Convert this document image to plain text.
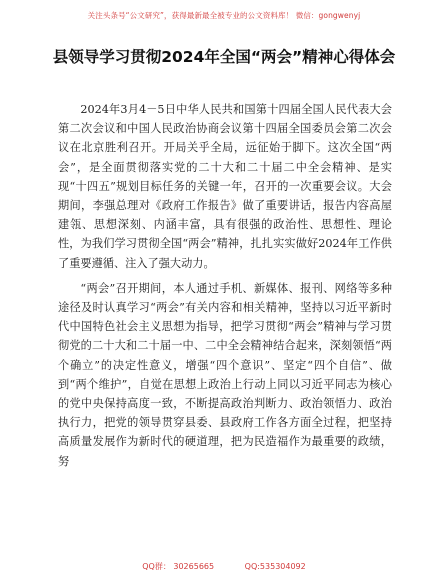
关注头条号“公文研究”，获得最新最全被专业的公文资料库！ 微信：gongwenyj
县领导学习贯彻2024年全国“两会”精神心得体会

2024年3月4－5日中华人民共和国第十四届全国人民代表大会第二次会议和中国人民政治协商会议第十四届全国委员会第二次会议在北京胜利召开。开局关乎全局，远征始于脚下。这次全国“两会”，是全面贯彻落实党的二十大和二十届二中全会精神、是实现“十四五”规划目标任务的关键一年，召开的一次重要会议。大会期间，李强总理对《政府工作报告》做了重要讲话，报告内容高屋建瓴、思想深刻、内涵丰富，具有很强的政治性、思想性、理论性，为我们学习贯彻全国“两会”精神，扎扎实实做好2024年工作供了重要遵循、注入了强大动力。

“两会”召开期间，本人通过手机、新媒体、报刊、网络等多种途径及时认真学习“两会”有关内容和相关精神，坚持以习近平新时代中国特色社会主义思想为指导，把学习贯彻“两会”精神与学习贯彻党的二十大和二十届一中、二中全会精神结合起来，深刻领悟“两个确立”的决定性意义，增强“四个意识”、坚定“四个自信”、做到“两个维护”，自觉在思想上政治上行动上同以习近平同志为核心的党中央保持高度一致，不断提高政治判断力、政治领悟力、政治执行力，把党的领导贯穿县委、县政府工作各方面全过程，把坚持高质量发展作为新时代的硬道理，把为民造福作为最重要的政绩，努

QQ群： 30265665	QQ:535304092
